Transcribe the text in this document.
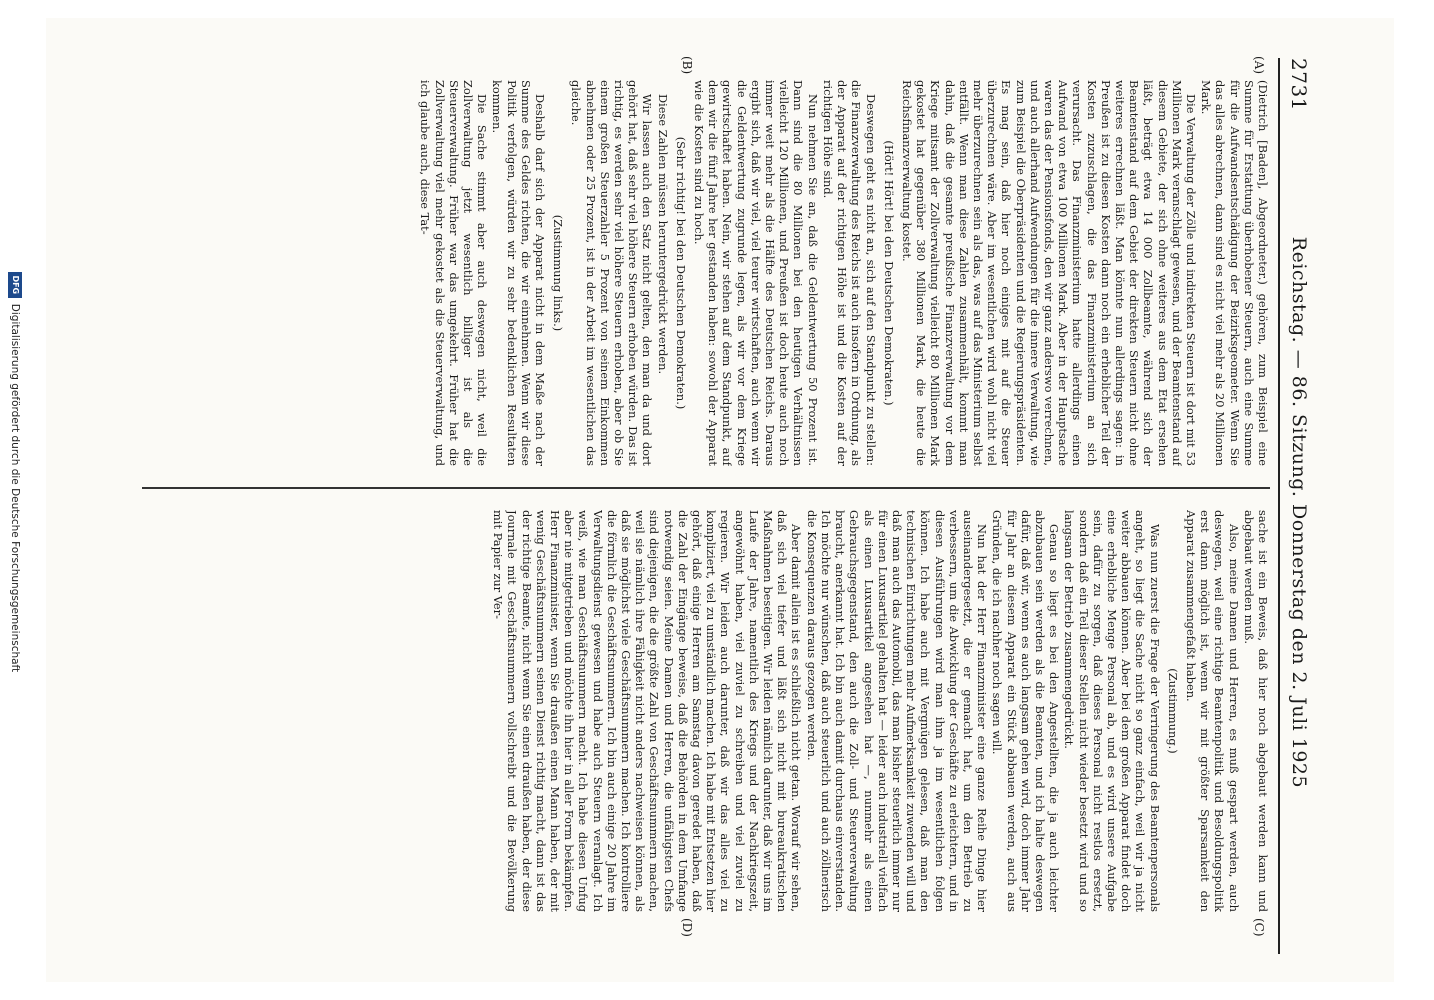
2731
Reichstag. — 86. Sitzung. Donnerstag den 2. Juli 1925
(A)
(B)
(C)
(D)

(Dietrich [Baden], Abgeordneter.) gehören, zum Beispiel eine Summe für Erstattung überhobener Steuern, auch eine Summe für die Aufwandsentschädigung der Beizirksgeometer. Wenn Sie das alles abrechnen, dann sind es nicht viel mehr als 20 Millionen Mark.

Die Verwaltung der Zölle und indirekten Steuern ist dort mit 53 Millionen Mark veranschlagt gewesen, und der Beamtenstand auf diesem Gebiete, der sich ohne weiteres aus dem Etat ersehen läßt, beträgt etwa 14 000 Zollbeamte, während sich der Beamtenstand auf dem Gebiet der direkten Steuern nicht ohne weiteres errechnen läßt. Man könnte nun allerdings sagen: in Preußen ist zu diesen Kosten dann noch ein erheblicher Teil der Kosten zuzuschlagen, die das Finanzministerium an sich verursacht. Das Finanzministerium hatte allerdings einen Aufwand von etwa 100 Millionen Mark. Aber in der Hauptsache waren das der Pensionsfonds, den wir ganz anderswo verrechnen, und auch allerhand Aufwendungen für die innere Verwaltung, wie zum Beispiel die Oberpräsidenten und die Regierungspräsidenten. Es mag sein, daß hier noch einiges mit auf die Steuer überzurechnen wäre. Aber im wesentlichen wird wohl nicht viel mehr überzurechnen sein als das, was auf das Ministerium selbst entfällt. Wenn man diese Zahlen zusammenhält, kommt man dahin, daß die gesamte preußische Finanzverwaltung vor dem Kriege mitsamt der Zollverwaltung vielleicht 80 Millionen Mark gekostet hat gegenüber 380 Millionen Mark, die heute die Reichsfinanzverwaltung kostet.

(Hört! Hört! bei den Deutschen Demokraten.)

Deswegen geht es nicht an, sich auf den Standpunkt zu stellen: die Finanzverwaltung des Reichs ist auch insofern in Ordnung, als der Apparat auf der richtigen Höhe ist und die Kosten auf der richtigen Höhe sind.

Nun nehmen Sie an, daß die Geldentwertung 50 Prozent ist. Dann sind die 80 Millionen bei den heutigen Verhältnissen vielleicht 120 Millionen, und Preußen ist doch heute auch noch immer weit mehr als die Hälfte des Deutschen Reichs. Daraus ergibt sich, daß wir viel, viel teurer wirtschaften, auch wenn wir die Geldentwertung zugrunde legen, als wir vor dem Kriege gewirtschaftet haben. Nein, wir stehen auf dem Standpunkt, auf dem wir die fünf Jahre her gestanden haben: sowohl der Apparat wie die Kosten sind zu hoch.

(Sehr richtig! bei den Deutschen Demokraten.)

Diese Zahlen müssen heruntergedrückt werden.

Wir lassen auch den Satz nicht gelten, den man da und dort gehört hat, daß sehr viel höhere Steuern erhoben würden. Das ist richtig, es werden sehr viel höhere Steuern erhoben, aber ob Sie einem großen Steuerzahler 5 Prozent von seinem Einkommen abnehmen oder 25 Prozent, ist in der Arbeit im wesentlichen das gleiche.

(Zustimmung links.)

Deshalb darf sich der Apparat nicht in dem Maße nach der Summe des Geldes richten, die wir einnehmen. Wenn wir diese Politik verfolgen, würden wir zu sehr bedenklichen Resultaten kommen.

Die Sache stimmt aber auch deswegen nicht, weil die Zollverwaltung jetzt wesentlich billiger ist als die Steuerverwaltung. Früher war das umgekehrt. Früher hat die Zollverwaltung viel mehr gekostet als die Steuerverwaltung, und ich glaube auch, diese Tat-

sache ist ein Beweis, daß hier noch abgebaut werden kann und abgebaut werden muß.

Also, meine Damen und Herren, es muß gespart werden, auch deswegen, weil eine richtige Beamtenpolitik und Besoldungspolitik erst dann möglich ist, wenn wir mit größter Sparsamkeit den Apparat zusammengefaßt haben.

(Zustimmung.)

Was nun zuerst die Frage der Verringerung des Beamtenpersonals angeht, so liegt die Sache nicht so ganz einfach, weil wir ja nicht weiter abbauen können. Aber bei dem großen Apparat findet doch eine erhebliche Menge Personal ab, und es wird unsere Aufgabe sein, dafür zu sorgen, daß dieses Personal nicht restlos ersetzt, sondern daß ein Teil dieser Stellen nicht wieder besetzt wird und so langsam der Betrieb zusammengedrückt.

Genau so liegt es bei den Angestellten, die ja auch leichter abzubauen sein werden als die Beamten, und ich halte deswegen dafür, daß wir, wenn es auch langsam gehen wird, doch immer Jahr für Jahr an diesem Apparat ein Stück abbauen werden, auch aus Gründen, die ich nachher noch sagen will.

Nun hat der Herr Finanzminister eine ganze Reihe Dinge hier auseinandergesetzt, die er gemacht hat, um den Betrieb zu verbessern, um die Abwicklung der Geschäfte zu erleichtern, und in diesen Ausführungen wird man ihm ja im wesentlichen folgen können. Ich habe auch mit Vergnügen gelesen, daß man den technischen Einrichtungen mehr Aufmerksamkeit zuwenden will und daß man auch das Automobil, das man bisher steuerlich immer nur für einen Luxusartikel gehalten hat — leider auch industriell vielfach als einen Luxusartikel angesehen hat —, nunmehr als einen Gebrauchsgegenstand, den auch die Zoll- und Steuerverwaltung braucht, anerkannt hat. Ich bin auch damit durchaus einverstanden. Ich möchte nur wünschen, daß auch steuerlich und auch zöllnerisch die Konsequenzen daraus gezogen werden.

Aber damit allein ist es schließlich nicht getan. Worauf wir sehen, daß sich viel tiefer und läßt sich nicht mit bureaukratischen Maßnahmen beseitigen. Wir leiden nämlich darunter, daß wir uns im Laufe der Jahre, namentlich des Kriegs und der Nachkriegszeit, angewöhnt haben, viel zuviel zu schreiben und viel zuviel zu regieren. Wir leiden auch darunter, daß wir das alles viel zu kompliziert, viel zu umständlich machen. Ich habe mit Entsetzen hier gehört, daß einige Herren am Samstag davon geredet haben, daß die Zahl der Eingänge beweise, daß die Behörden in dem Umfange notwendig seien. Meine Damen und Herren, die unfähigsten Chefs sind diejenigen, die die größte Zahl von Geschäftsnummern machen, weil sie nämlich ihre Fähigkeit nicht anders nachweisen können, als daß sie möglichst viele Geschäftsnummern machen. Ich kontrolliere die förmlich die Geschäftsnummern. Ich bin auch einige 20 Jahre im Verwaltungsdienst gewesen und habe auch Steuern veranlagt. Ich weiß, wie man Geschäftsnummern macht. Ich habe diesen Unfug aber nie mitgetrieben und möchte ihn hier in aller Form bekämpfen. Herr Finanzminister, wenn Sie draußen einen Mann haben, der mit wenig Geschäftsnummern seinen Dienst richtig macht, dann ist das der richtige Beamte, nicht wenn Sie einen draußen haben, der diese Journale mit Geschäftsnummern vollschreibt und die Bevölkerung mit Papier zur Ver-

DFG
Digitalisierung gefördert durch die Deutsche Forschungsgemeinschaft
